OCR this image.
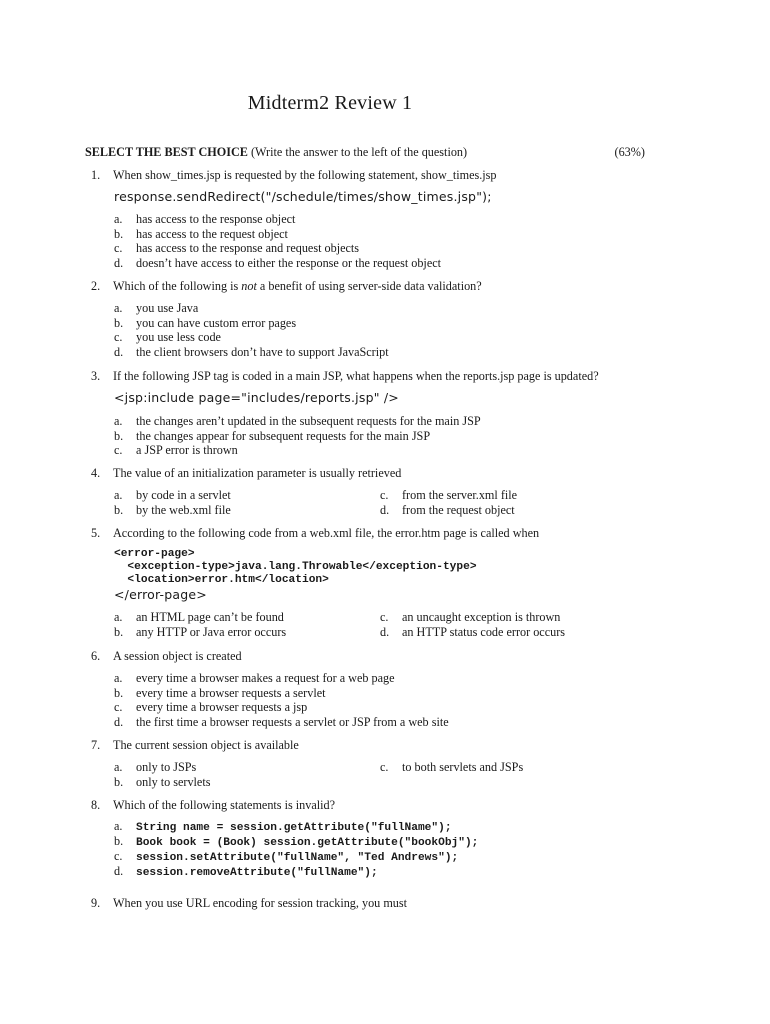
Midterm2 Review 1
SELECT THE BEST CHOICE (Write the answer to the left of the question)	(63%)
1. When show_times.jsp is requested by the following statement, show_times.jsp
response.sendRedirect("/schedule/times/show_times.jsp");
a. has access to the response object
b. has access to the request object
c. has access to the response and request objects
d. doesn’t have access to either the response or the request object
2. Which of the following is not a benefit of using server-side data validation?
a. you use Java
b. you can have custom error pages
c. you use less code
d. the client browsers don’t have to support JavaScript
3. If the following JSP tag is coded in a main JSP, what happens when the reports.jsp page is updated?
<jsp:include page="includes/reports.jsp" />
a. the changes aren’t updated in the subsequent requests for the main JSP
b. the changes appear for subsequent requests for the main JSP
c. a JSP error is thrown
4. The value of an initialization parameter is usually retrieved
a. by code in a servlet	c. from the server.xml file
b. by the web.xml file	d. from the request object
5. According to the following code from a web.xml file, the error.htm page is called when
<error-page>
<exception-type>java.lang.Throwable</exception-type>
<location>error.htm</location>
</error-page>
a. an HTML page can’t be found	c. an uncaught exception is thrown
b. any HTTP or Java error occurs	d. an HTTP status code error occurs
6. A session object is created
a. every time a browser makes a request for a web page
b. every time a browser requests a servlet
c. every time a browser requests a jsp
d. the first time a browser requests a servlet or JSP from a web site
7. The current session object is available
a. only to JSPs	c. to both servlets and JSPs
b. only to servlets
8. Which of the following statements is invalid?
a. String name = session.getAttribute("fullName");
b. Book book = (Book) session.getAttribute("bookObj");
c. session.setAttribute("fullName", "Ted Andrews");
d. session.removeAttribute("fullName");
9. When you use URL encoding for session tracking, you must
